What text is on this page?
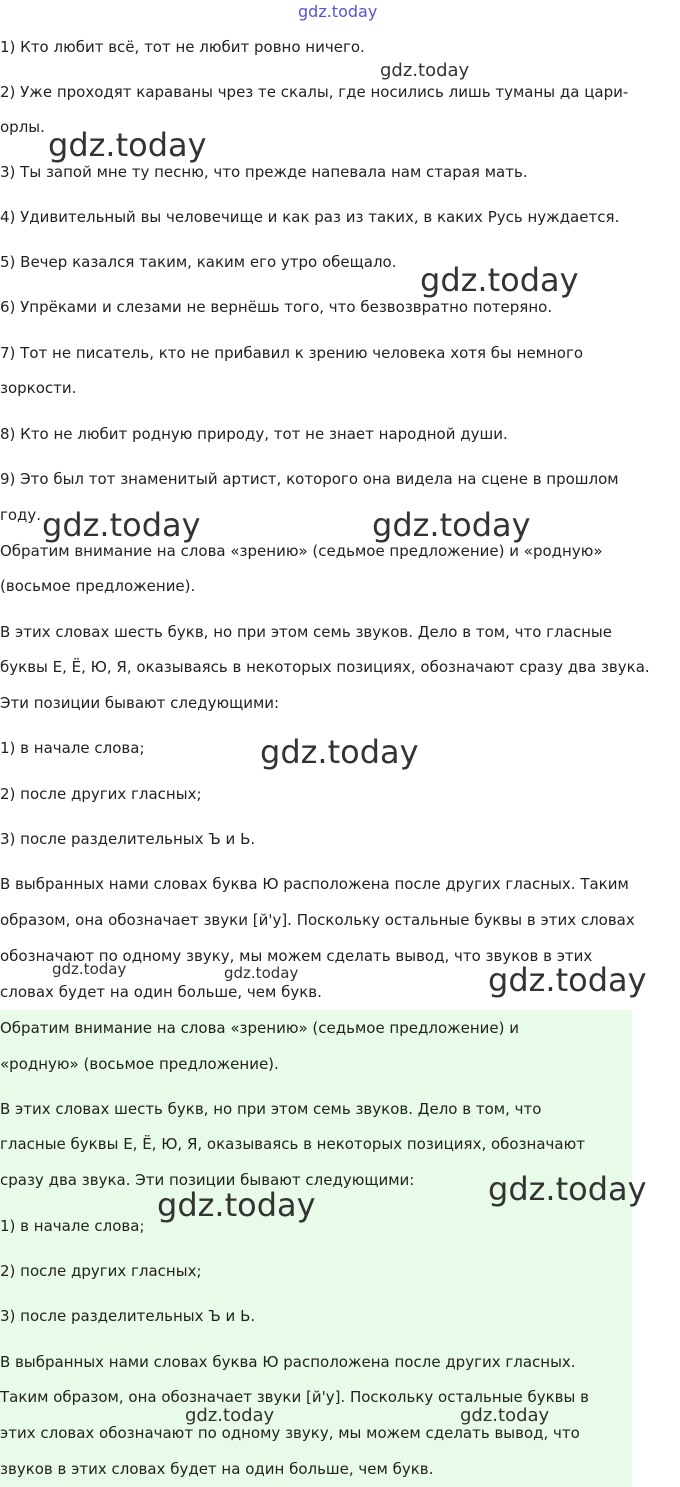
gdz.today
1) Кто любит всё, тот не любит ровно ничего.
2) Уже проходят караваны чрез те скалы, где носились лишь туманы да цари-
орлы.
3) Ты запой мне ту песню, что прежде напевала нам старая мать.
4) Удивительный вы человечище и как раз из таких, в каких Русь нуждается.
5) Вечер казался таким, каким его утро обещало.
6) Упрёками и слезами не вернёшь того, что безвозвратно потеряно.
7) Тот не писатель, кто не прибавил к зрению человека хотя бы немного
зоркости.
8) Кто не любит родную природу, тот не знает народной души.
9) Это был тот знаменитый артист, которого она видела на сцене в прошлом
году.
Обратим внимание на слова «зрению» (седьмое предложение) и «родную»
(восьмое предложение).
В этих словах шесть букв, но при этом семь звуков. Дело в том, что гласные
буквы Е, Ё, Ю, Я, оказываясь в некоторых позициях, обозначают сразу два звука.
Эти позиции бывают следующими:
1) в начале слова;
2) после других гласных;
3) после разделительных Ъ и Ь.
В выбранных нами словах буква Ю расположена после других гласных. Таким
образом, она обозначает звуки [й'у]. Поскольку остальные буквы в этих словах
обозначают по одному звуку, мы можем сделать вывод, что звуков в этих
словах будет на один больше, чем букв.
Обратим внимание на слова «зрению» (седьмое предложение) и
«родную» (восьмое предложение).
В этих словах шесть букв, но при этом семь звуков. Дело в том, что
гласные буквы Е, Ё, Ю, Я, оказываясь в некоторых позициях, обозначают
сразу два звука. Эти позиции бывают следующими:
1) в начале слова;
2) после других гласных;
3) после разделительных Ъ и Ь.
В выбранных нами словах буква Ю расположена после других гласных.
Таким образом, она обозначает звуки [й'у]. Поскольку остальные буквы в
этих словах обозначают по одному звуку, мы можем сделать вывод, что
звуков в этих словах будет на один больше, чем букв.
gdz.today
gdz.today
gdz.today
gdz.today	gdz.today
gdz.today
gdz.today	gdz.today	gdz.today
gdz.today
gdz.today
gdz.today	gdz.today
